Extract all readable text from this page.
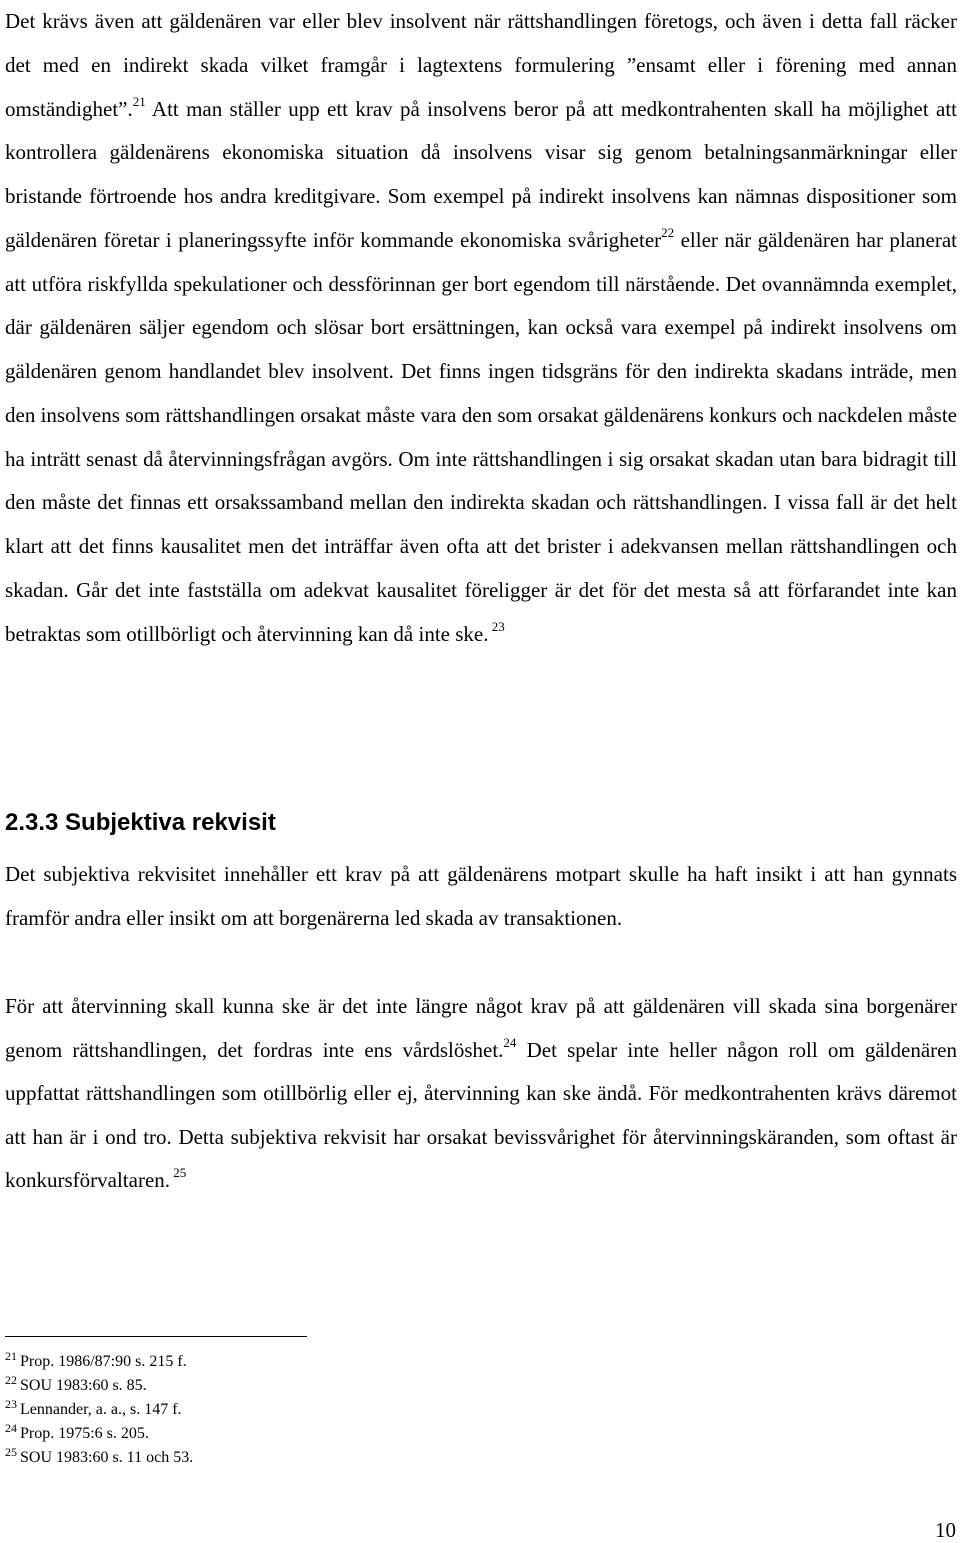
Det krävs även att gäldenären var eller blev insolvent när rättshandlingen företogs, och även i detta fall räcker det med en indirekt skada vilket framgår i lagtextens formulering ”ensamt eller i förening med annan omständighet”.$^{21}$ Att man ställer upp ett krav på insolvens beror på att medkontrahenten skall ha möjlighet att kontrollera gäldenärens ekonomiska situation då insolvens visar sig genom betalningsanmärkningar eller bristande förtroende hos andra kreditgivare. Som exempel på indirekt insolvens kan nämnas dispositioner som gäldenären företar i planeringssyfte inför kommande ekonomiska svårigheter$^{22}$ eller när gäldenären har planerat att utföra riskfyllda spekulationer och dessförinnan ger bort egendom till närstående. Det ovannämnda exemplet, där gäldenären säljer egendom och slösar bort ersättningen, kan också vara exempel på indirekt insolvens om gäldenären genom handlandet blev insolvent. Det finns ingen tidsgräns för den indirekta skadans inträde, men den insolvens som rättshandlingen orsakat måste vara den som orsakat gäldenärens konkurs och nackdelen måste ha inträtt senast då återvinningsfrågan avgörs. Om inte rättshandlingen i sig orsakat skadan utan bara bidragit till den måste det finnas ett orsakssamband mellan den indirekta skadan och rättshandlingen. I vissa fall är det helt klart att det finns kausalitet men det inträffar även ofta att det brister i adekvansen mellan rättshandlingen och skadan. Går det inte fastställa om adekvat kausalitet föreligger är det för det mesta så att förfarandet inte kan betraktas som otillbörligt och återvinning kan då inte ske. $^{23}$

2.3.3 Subjektiva rekvisit

Det subjektiva rekvisitet innehåller ett krav på att gäldenärens motpart skulle ha haft insikt i att han gynnats framför andra eller insikt om att borgenärerna led skada av transaktionen.

För att återvinning skall kunna ske är det inte längre något krav på att gäldenären vill skada sina borgenärer genom rättshandlingen, det fordras inte ens vårdslöshet.$^{24}$ Det spelar inte heller någon roll om gäldenären uppfattat rättshandlingen som otillbörlig eller ej, återvinning kan ske ändå. För medkontrahenten krävs däremot att han är i ond tro. Detta subjektiva rekvisit har orsakat bevissvårighet för återvinningskäranden, som oftast är konkursförvaltaren. $^{25}$

$^{21}$ Prop. 1986/87:90 s. 215 f.
$^{22}$ SOU 1983:60 s. 85.
$^{23}$ Lennander, a. a., s. 147 f.
$^{24}$ Prop. 1975:6 s. 205.
$^{25}$ SOU 1983:60 s. 11 och 53.
10
